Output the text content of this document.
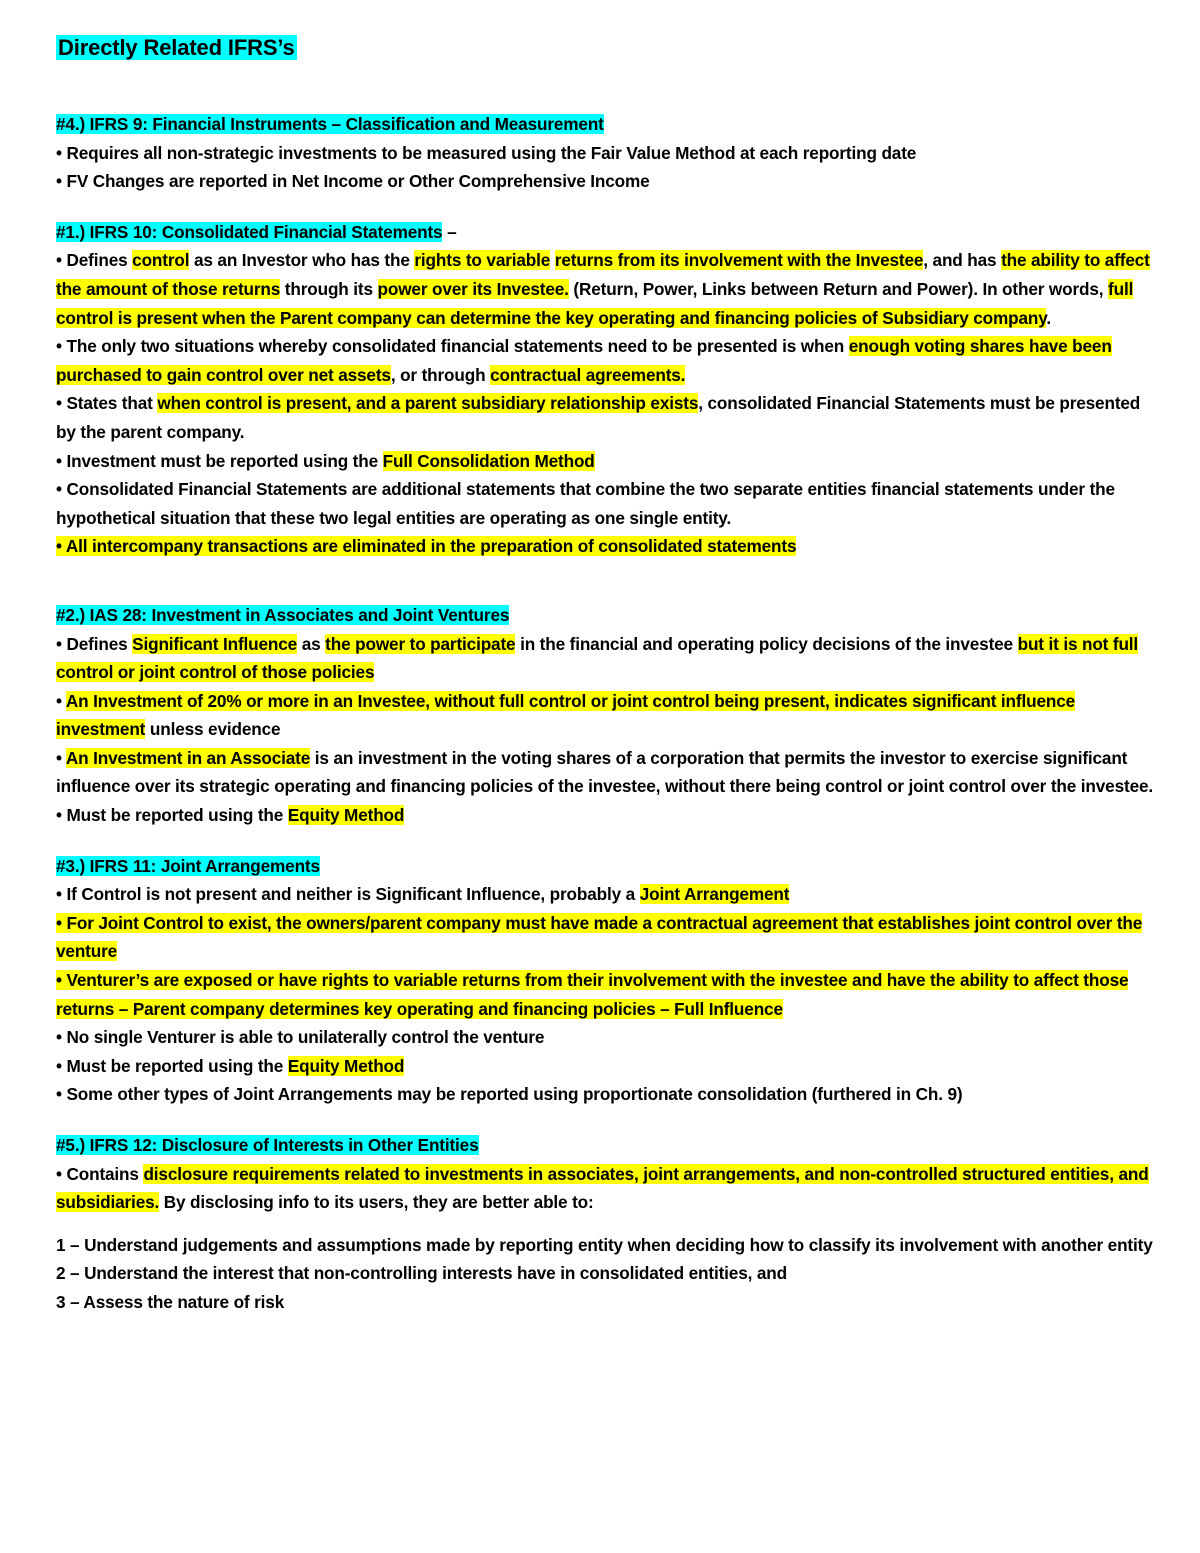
Directly Related IFRS’s
#4.) IFRS 9: Financial Instruments – Classification and Measurement
• Requires all non-strategic investments to be measured using the Fair Value Method at each reporting date
• FV Changes are reported in Net Income or Other Comprehensive Income
#1.) IFRS 10: Consolidated Financial Statements –
• Defines control as an Investor who has the rights to variable returns from its involvement with the Investee, and has the ability to affect the amount of those returns through its power over its Investee. (Return, Power, Links between Return and Power). In other words, full control is present when the Parent company can determine the key operating and financing policies of Subsidiary company.
• The only two situations whereby consolidated financial statements need to be presented is when enough voting shares have been purchased to gain control over net assets, or through contractual agreements.
• States that when control is present, and a parent subsidiary relationship exists, consolidated Financial Statements must be presented by the parent company.
• Investment must be reported using the Full Consolidation Method
• Consolidated Financial Statements are additional statements that combine the two separate entities financial statements under the hypothetical situation that these two legal entities are operating as one single entity.
• All intercompany transactions are eliminated in the preparation of consolidated statements
#2.) IAS 28: Investment in Associates and Joint Ventures
• Defines Significant Influence as the power to participate in the financial and operating policy decisions of the investee but it is not full control or joint control of those policies
• An Investment of 20% or more in an Investee, without full control or joint control being present, indicates significant influence investment unless evidence
• An Investment in an Associate is an investment in the voting shares of a corporation that permits the investor to exercise significant influence over its strategic operating and financing policies of the investee, without there being control or joint control over the investee.
• Must be reported using the Equity Method
#3.) IFRS 11: Joint Arrangements
• If Control is not present and neither is Significant Influence, probably a Joint Arrangement
• For Joint Control to exist, the owners/parent company must have made a contractual agreement that establishes joint control over the venture
• Venturer’s are exposed or have rights to variable returns from their involvement with the investee and have the ability to affect those returns – Parent company determines key operating and financing policies – Full Influence
• No single Venturer is able to unilaterally control the venture
• Must be reported using the Equity Method
• Some other types of Joint Arrangements may be reported using proportionate consolidation (furthered in Ch. 9)
#5.) IFRS 12: Disclosure of Interests in Other Entities
• Contains disclosure requirements related to investments in associates, joint arrangements, and non-controlled structured entities, and subsidiaries. By disclosing info to its users, they are better able to:
1 – Understand judgements and assumptions made by reporting entity when deciding how to classify its involvement with another entity
2 – Understand the interest that non-controlling interests have in consolidated entities, and
3 – Assess the nature of risk
